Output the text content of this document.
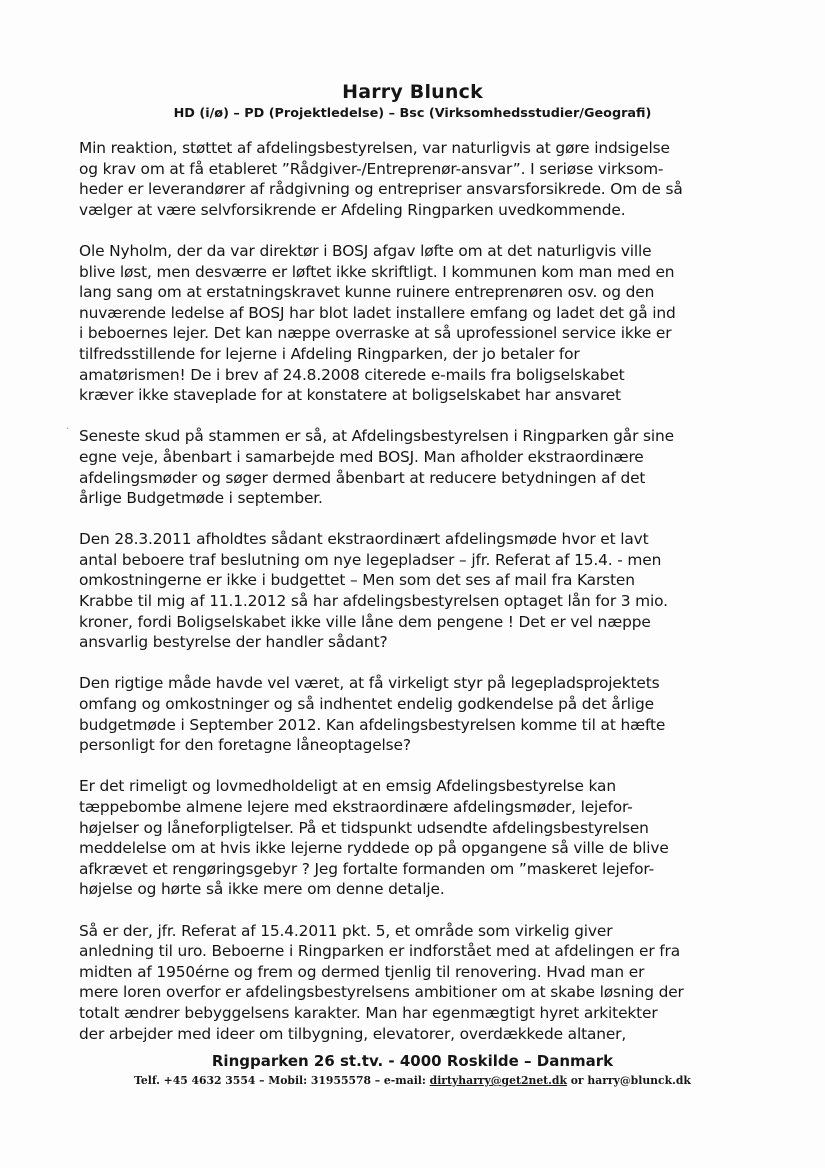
Harry Blunck
HD (i/ø) – PD (Projektledelse) – Bsc (Virksomhedsstudier/Geografi)
·

Min reaktion, støttet af afdelingsbestyrelsen, var naturligvis at gøre indsigelse
og krav om at få etableret ”Rådgiver-/Entreprenør-ansvar”. I seriøse virksom-
heder er leverandører af rådgivning og entrepriser ansvarsforsikrede. Om de så
vælger at være selvforsikrende er Afdeling Ringparken uvedkommende.

Ole Nyholm, der da var direktør i BOSJ afgav løfte om at det naturligvis ville
blive løst, men desværre er løftet ikke skriftligt. I kommunen kom man med en
lang sang om at erstatningskravet kunne ruinere entreprenøren osv. og den
nuværende ledelse af BOSJ har blot ladet installere emfang og ladet det gå ind
i beboernes lejer. Det kan næppe overraske at så uprofessionel service ikke er
tilfredsstillende for lejerne i Afdeling Ringparken, der jo betaler for
amatørismen! De i brev af 24.8.2008 citerede e-mails fra boligselskabet
kræver ikke staveplade for at konstatere at boligselskabet har ansvaret

Seneste skud på stammen er så, at Afdelingsbestyrelsen i Ringparken går sine
egne veje, åbenbart i samarbejde med BOSJ. Man afholder ekstraordinære
afdelingsmøder og søger dermed åbenbart at reducere betydningen af det
årlige Budgetmøde i september.

Den 28.3.2011 afholdtes sådant ekstraordinært afdelingsmøde hvor et lavt
antal beboere traf beslutning om nye legepladser – jfr. Referat af 15.4. - men
omkostningerne er ikke i budgettet – Men som det ses af mail fra Karsten
Krabbe til mig af 11.1.2012 så har afdelingsbestyrelsen optaget lån for 3 mio.
kroner, fordi Boligselskabet ikke ville låne dem pengene ! Det er vel næppe
ansvarlig bestyrelse der handler sådant?

Den rigtige måde havde vel været, at få virkeligt styr på legepladsprojektets
omfang og omkostninger og så indhentet endelig godkendelse på det årlige
budgetmøde i September 2012. Kan afdelingsbestyrelsen komme til at hæfte
personligt for den foretagne låneoptagelse?

Er det rimeligt og lovmedholdeligt at en emsig Afdelingsbestyrelse kan
tæppebombe almene lejere med ekstraordinære afdelingsmøder, lejefor-
højelser og låneforpligtelser. På et tidspunkt udsendte afdelingsbestyrelsen
meddelelse om at hvis ikke lejerne ryddede op på opgangene så ville de blive
afkrævet et rengøringsgebyr ? Jeg fortalte formanden om ”maskeret lejefor-
højelse og hørte så ikke mere om denne detalje.

Så er der, jfr. Referat af 15.4.2011 pkt. 5, et område som virkelig giver
anledning til uro. Beboerne i Ringparken er indforstået med at afdelingen er fra
midten af 1950érne og frem og dermed tjenlig til renovering. Hvad man er
mere loren overfor er afdelingsbestyrelsens ambitioner om at skabe løsning der
totalt ændrer bebyggelsens karakter. Man har egenmægtigt hyret arkitekter
der arbejder med ideer om tilbygning, elevatorer, overdækkede altaner,

Ringparken 26 st.tv. - 4000 Roskilde – Danmark
Telf. +45 4632 3554 – Mobil: 31955578 – e-mail: dirtyharry@get2net.dk or harry@blunck.dk
